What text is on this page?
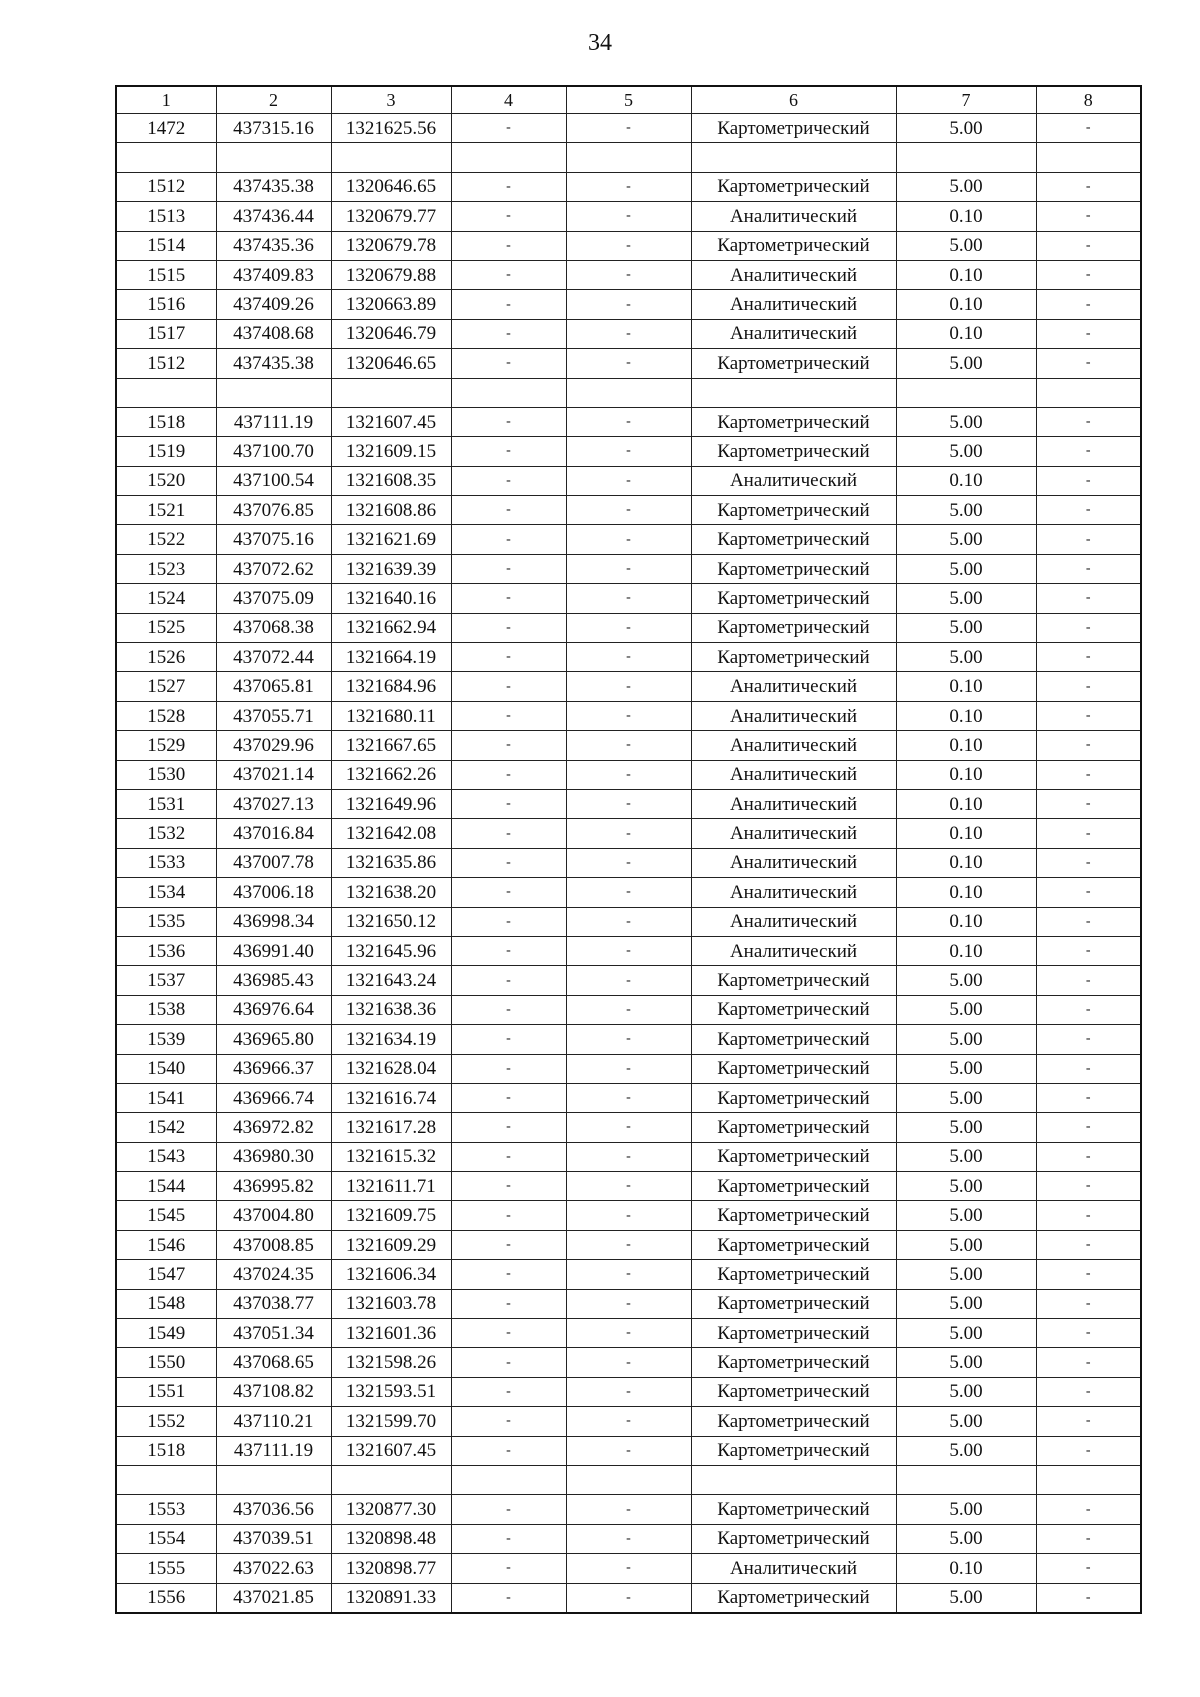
34
1	2	3	4	5	6	7	8
1472	437315.16	1321625.56	-	-	Картометрический	5.00	-

1512	437435.38	1320646.65	-	-	Картометрический	5.00	-
1513	437436.44	1320679.77	-	-	Аналитический	0.10	-
1514	437435.36	1320679.78	-	-	Картометрический	5.00	-
1515	437409.83	1320679.88	-	-	Аналитический	0.10	-
1516	437409.26	1320663.89	-	-	Аналитический	0.10	-
1517	437408.68	1320646.79	-	-	Аналитический	0.10	-
1512	437435.38	1320646.65	-	-	Картометрический	5.00	-

1518	437111.19	1321607.45	-	-	Картометрический	5.00	-
1519	437100.70	1321609.15	-	-	Картометрический	5.00	-
1520	437100.54	1321608.35	-	-	Аналитический	0.10	-
1521	437076.85	1321608.86	-	-	Картометрический	5.00	-
1522	437075.16	1321621.69	-	-	Картометрический	5.00	-
1523	437072.62	1321639.39	-	-	Картометрический	5.00	-
1524	437075.09	1321640.16	-	-	Картометрический	5.00	-
1525	437068.38	1321662.94	-	-	Картометрический	5.00	-
1526	437072.44	1321664.19	-	-	Картометрический	5.00	-
1527	437065.81	1321684.96	-	-	Аналитический	0.10	-
1528	437055.71	1321680.11	-	-	Аналитический	0.10	-
1529	437029.96	1321667.65	-	-	Аналитический	0.10	-
1530	437021.14	1321662.26	-	-	Аналитический	0.10	-
1531	437027.13	1321649.96	-	-	Аналитический	0.10	-
1532	437016.84	1321642.08	-	-	Аналитический	0.10	-
1533	437007.78	1321635.86	-	-	Аналитический	0.10	-
1534	437006.18	1321638.20	-	-	Аналитический	0.10	-
1535	436998.34	1321650.12	-	-	Аналитический	0.10	-
1536	436991.40	1321645.96	-	-	Аналитический	0.10	-
1537	436985.43	1321643.24	-	-	Картометрический	5.00	-
1538	436976.64	1321638.36	-	-	Картометрический	5.00	-
1539	436965.80	1321634.19	-	-	Картометрический	5.00	-
1540	436966.37	1321628.04	-	-	Картометрический	5.00	-
1541	436966.74	1321616.74	-	-	Картометрический	5.00	-
1542	436972.82	1321617.28	-	-	Картометрический	5.00	-
1543	436980.30	1321615.32	-	-	Картометрический	5.00	-
1544	436995.82	1321611.71	-	-	Картометрический	5.00	-
1545	437004.80	1321609.75	-	-	Картометрический	5.00	-
1546	437008.85	1321609.29	-	-	Картометрический	5.00	-
1547	437024.35	1321606.34	-	-	Картометрический	5.00	-
1548	437038.77	1321603.78	-	-	Картометрический	5.00	-
1549	437051.34	1321601.36	-	-	Картометрический	5.00	-
1550	437068.65	1321598.26	-	-	Картометрический	5.00	-
1551	437108.82	1321593.51	-	-	Картометрический	5.00	-
1552	437110.21	1321599.70	-	-	Картометрический	5.00	-
1518	437111.19	1321607.45	-	-	Картометрический	5.00	-

1553	437036.56	1320877.30	-	-	Картометрический	5.00	-
1554	437039.51	1320898.48	-	-	Картометрический	5.00	-
1555	437022.63	1320898.77	-	-	Аналитический	0.10	-
1556	437021.85	1320891.33	-	-	Картометрический	5.00	-
